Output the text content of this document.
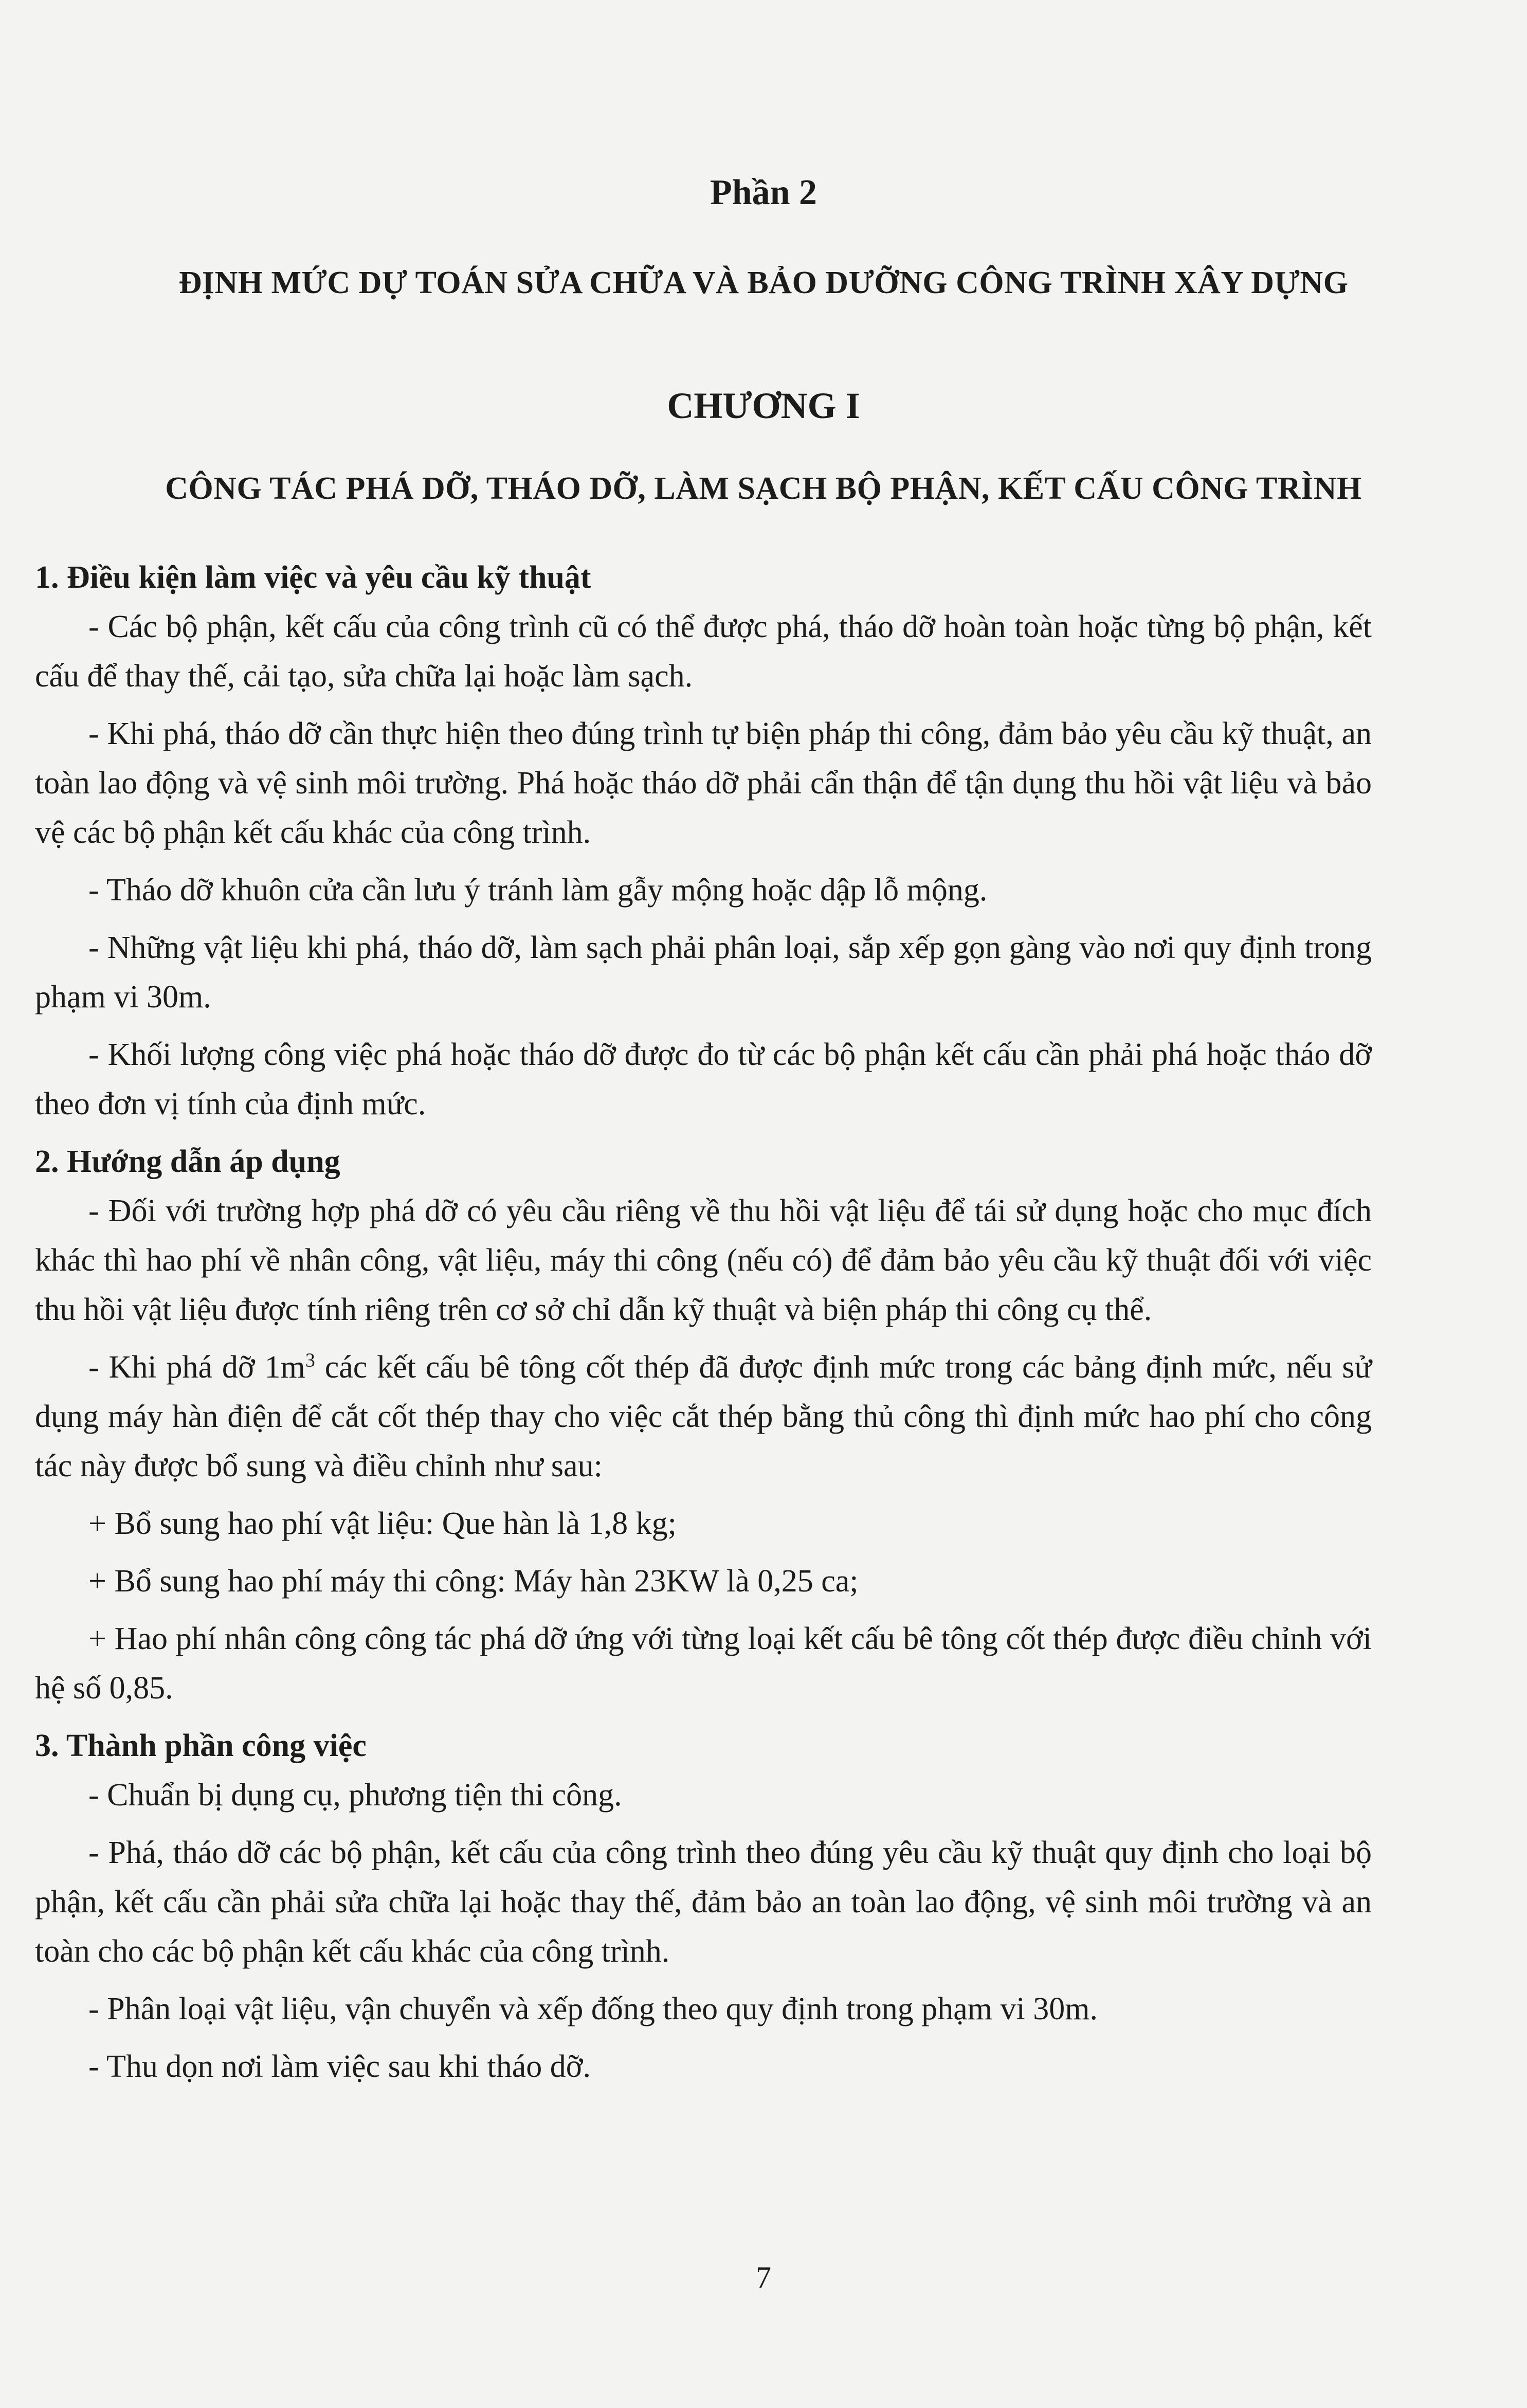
Phần 2
ĐỊNH MỨC DỰ TOÁN SỬA CHỮA VÀ BẢO DƯỠNG CÔNG TRÌNH XÂY DỰNG
CHƯƠNG I
CÔNG TÁC PHÁ DỠ, THÁO DỠ, LÀM SẠCH BỘ PHẬN, KẾT CẤU CÔNG TRÌNH
1. Điều kiện làm việc và yêu cầu kỹ thuật

- Các bộ phận, kết cấu của công trình cũ có thể được phá, tháo dỡ hoàn toàn hoặc từng bộ phận, kết cấu để thay thế, cải tạo, sửa chữa lại hoặc làm sạch.

- Khi phá, tháo dỡ cần thực hiện theo đúng trình tự biện pháp thi công, đảm bảo yêu cầu kỹ thuật, an toàn lao động và vệ sinh môi trường. Phá hoặc tháo dỡ phải cẩn thận để tận dụng thu hồi vật liệu và bảo vệ các bộ phận kết cấu khác của công trình.

- Tháo dỡ khuôn cửa cần lưu ý tránh làm gẫy mộng hoặc dập lỗ mộng.

- Những vật liệu khi phá, tháo dỡ, làm sạch phải phân loại, sắp xếp gọn gàng vào nơi quy định trong phạm vi 30m.

- Khối lượng công việc phá hoặc tháo dỡ được đo từ các bộ phận kết cấu cần phải phá hoặc tháo dỡ theo đơn vị tính của định mức.

2. Hướng dẫn áp dụng

- Đối với trường hợp phá dỡ có yêu cầu riêng về thu hồi vật liệu để tái sử dụng hoặc cho mục đích khác thì hao phí về nhân công, vật liệu, máy thi công (nếu có) để đảm bảo yêu cầu kỹ thuật đối với việc thu hồi vật liệu được tính riêng trên cơ sở chỉ dẫn kỹ thuật và biện pháp thi công cụ thể.

- Khi phá dỡ $1m^3$ các kết cấu bê tông cốt thép đã được định mức trong các bảng định mức, nếu sử dụng máy hàn điện để cắt cốt thép thay cho việc cắt thép bằng thủ công thì định mức hao phí cho công tác này được bổ sung và điều chỉnh như sau:

+ Bổ sung hao phí vật liệu: Que hàn là 1,8 kg;

+ Bổ sung hao phí máy thi công: Máy hàn 23KW là 0,25 ca;

+ Hao phí nhân công công tác phá dỡ ứng với từng loại kết cấu bê tông cốt thép được điều chỉnh với hệ số 0,85.

3. Thành phần công việc

- Chuẩn bị dụng cụ, phương tiện thi công.

- Phá, tháo dỡ các bộ phận, kết cấu của công trình theo đúng yêu cầu kỹ thuật quy định cho loại bộ phận, kết cấu cần phải sửa chữa lại hoặc thay thế, đảm bảo an toàn lao động, vệ sinh môi trường và an toàn cho các bộ phận kết cấu khác của công trình.

- Phân loại vật liệu, vận chuyển và xếp đống theo quy định trong phạm vi 30m.

- Thu dọn nơi làm việc sau khi tháo dỡ.

7
